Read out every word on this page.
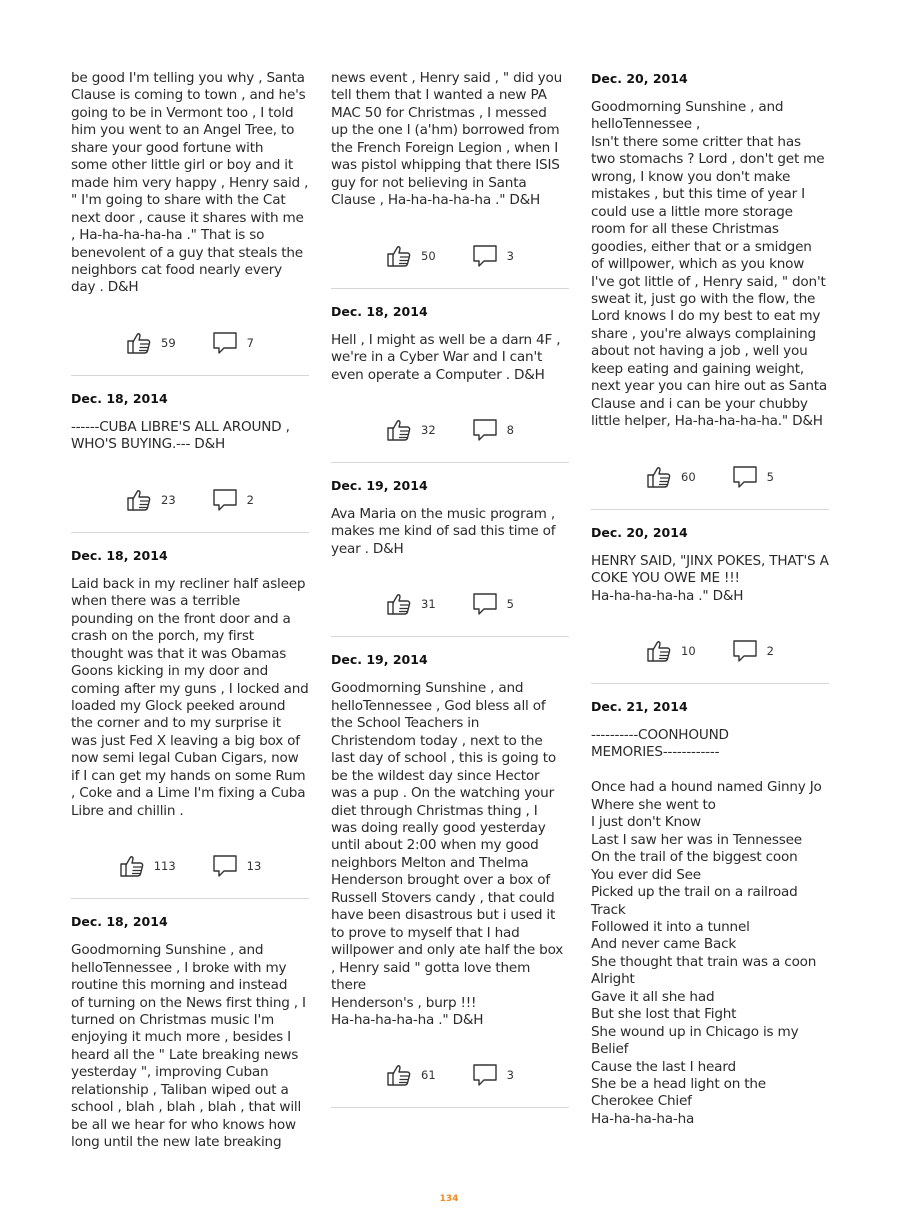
be good I'm telling you why , Santa
Clause is coming to town , and he's
going to be in Vermont too , I told
him you went to an Angel Tree, to
share your good fortune with
some other little girl or boy and it
made him very happy , Henry said ,
" I'm going to share with the Cat
next door , cause it shares with me
, Ha-ha-ha-ha-ha ." That is so
benevolent of a guy that steals the
neighbors cat food nearly every
day . D&H

59	7
Dec. 18, 2014

------CUBA LIBRE'S ALL AROUND ,
WHO'S BUYING.--- D&H

23	2
Dec. 18, 2014

Laid back in my recliner half asleep
when there was a terrible
pounding on the front door and a
crash on the porch, my first
thought was that it was Obamas
Goons kicking in my door and
coming after my guns , I locked and
loaded my Glock peeked around
the corner and to my surprise it
was just Fed X leaving a big box of
now semi legal Cuban Cigars, now
if I can get my hands on some Rum
, Coke and a Lime I'm fixing a Cuba
Libre and chillin .

113	13
Dec. 18, 2014

Goodmorning Sunshine , and
helloTennessee , I broke with my
routine this morning and instead
of turning on the News first thing , I
turned on Christmas music I'm
enjoying it much more , besides I
heard all the " Late breaking news
yesterday ", improving Cuban
relationship , Taliban wiped out a
school , blah , blah , blah , that will
be all we hear for who knows how
long until the new late breaking

news event , Henry said , " did you
tell them that I wanted a new PA
MAC 50 for Christmas , I messed
up the one I (a'hm) borrowed from
the French Foreign Legion , when I
was pistol whipping that there ISIS
guy for not believing in Santa
Clause , Ha-ha-ha-ha-ha ." D&H

50	3
Dec. 18, 2014

Hell , I might as well be a darn 4F ,
we're in a Cyber War and I can't
even operate a Computer . D&H

32	8
Dec. 19, 2014

Ava Maria on the music program ,
makes me kind of sad this time of
year . D&H

31	5
Dec. 19, 2014

Goodmorning Sunshine , and
helloTennessee , God bless all of
the School Teachers in
Christendom today , next to the
last day of school , this is going to
be the wildest day since Hector
was a pup . On the watching your
diet through Christmas thing , I
was doing really good yesterday
until about 2:00 when my good
neighbors Melton and Thelma
Henderson brought over a box of
Russell Stovers candy , that could
have been disastrous but i used it
to prove to myself that I had
willpower and only ate half the box
, Henry said " gotta love them there
Henderson's , burp !!!
Ha-ha-ha-ha-ha ." D&H

61	3
Dec. 20, 2014

Goodmorning Sunshine , and
helloTennessee ,
Isn't there some critter that has
two stomachs ? Lord , don't get me
wrong, I know you don't make
mistakes , but this time of year I
could use a little more storage
room for all these Christmas
goodies, either that or a smidgen
of willpower, which as you know
I've got little of , Henry said, " don't
sweat it, just go with the flow, the
Lord knows I do my best to eat my
share , you're always complaining
about not having a job , well you
keep eating and gaining weight,
next year you can hire out as Santa
Clause and i can be your chubby
little helper, Ha-ha-ha-ha-ha." D&H

60	5
Dec. 20, 2014

HENRY SAID, "JINX POKES, THAT'S A
COKE YOU OWE ME !!!
Ha-ha-ha-ha-ha ." D&H

10	2
Dec. 21, 2014

----------COONHOUND
MEMORIES------------

Once had a hound named Ginny Jo
Where she went to
I just don't Know
Last I saw her was in Tennessee
On the trail of the biggest coon
You ever did See
Picked up the trail on a railroad
Track
Followed it into a tunnel
And never came Back
She thought that train was a coon
Alright
Gave it all she had
But she lost that Fight
She wound up in Chicago is my
Belief
Cause the last I heard
She be a head light on the
Cherokee Chief
Ha-ha-ha-ha-ha

134
